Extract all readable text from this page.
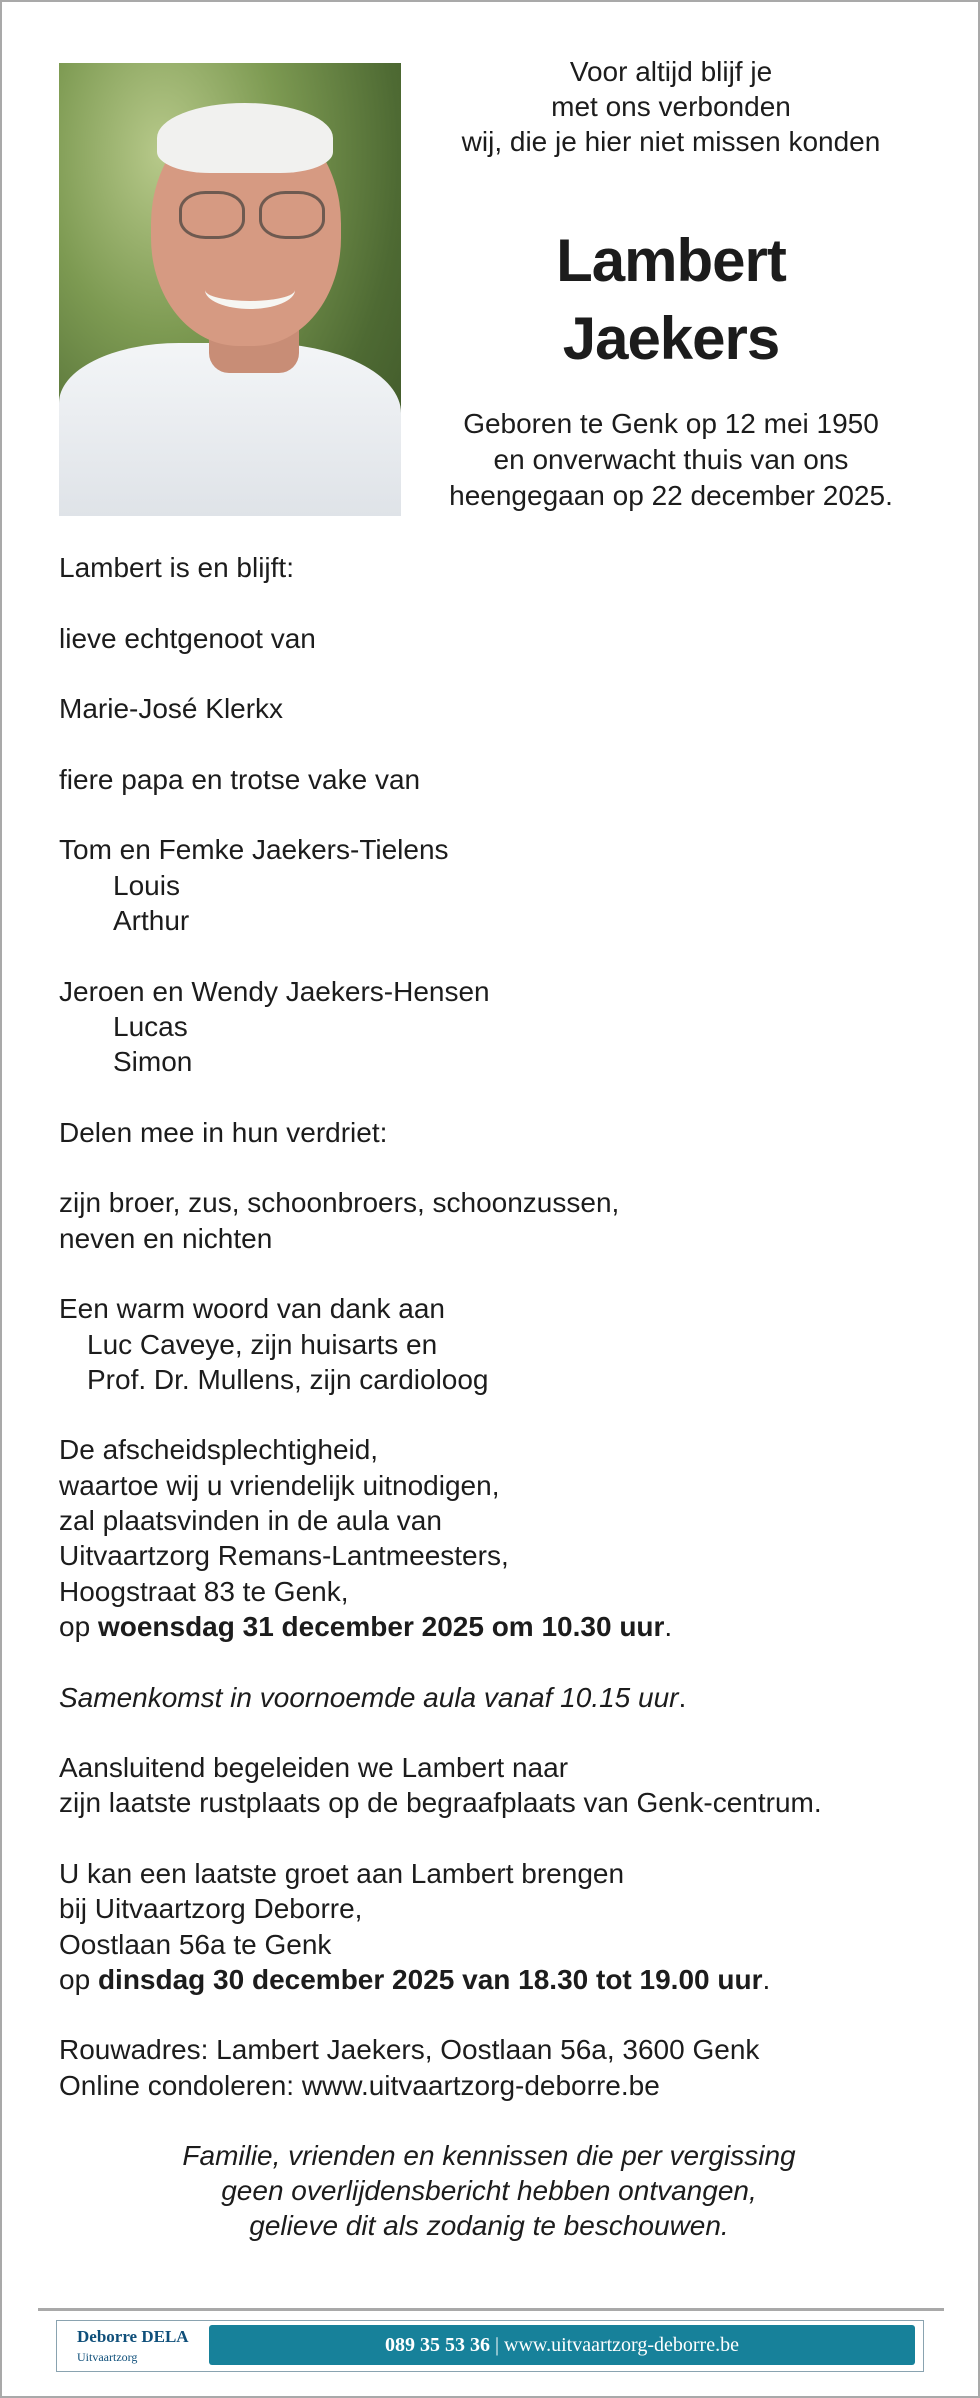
Voor altijd blijf je
met ons verbonden
wij, die je hier niet missen konden
Lambert
Jaekers
Geboren te Genk op 12 mei 1950
en onverwacht thuis van ons
heengegaan op 22 december 2025.
Lambert is en blijft:
lieve echtgenoot van
Marie-José Klerkx
fiere papa en trotse vake van
Tom en Femke Jaekers-Tielens
Louis
Arthur
Jeroen en Wendy Jaekers-Hensen
Lucas
Simon
Delen mee in hun verdriet:
zijn broer, zus, schoonbroers, schoonzussen,
neven en nichten
Een warm woord van dank aan
Luc Caveye, zijn huisarts en
Prof. Dr. Mullens, zijn cardioloog
De afscheidsplechtigheid,
waartoe wij u vriendelijk uitnodigen,
zal plaatsvinden in de aula van
Uitvaartzorg Remans-Lantmeesters,
Hoogstraat 83 te Genk,
op woensdag 31 december 2025 om 10.30 uur.
Samenkomst in voornoemde aula vanaf 10.15 uur.
Aansluitend begeleiden we Lambert naar
zijn laatste rustplaats op de begraafplaats van Genk-centrum.
U kan een laatste groet aan Lambert brengen
bij Uitvaartzorg Deborre,
Oostlaan 56a te Genk
op dinsdag 30 december 2025 van 18.30 tot 19.00 uur.
Rouwadres: Lambert Jaekers, Oostlaan 56a, 3600 Genk
Online condoleren: www.uitvaartzorg-deborre.be
Familie, vrienden en kennissen die per vergissing
geen overlijdensbericht hebben ontvangen,
gelieve dit als zodanig te beschouwen.
Deborre DELA
Uitvaartzorg
089 35 53 36 | www.uitvaartzorg-deborre.be
